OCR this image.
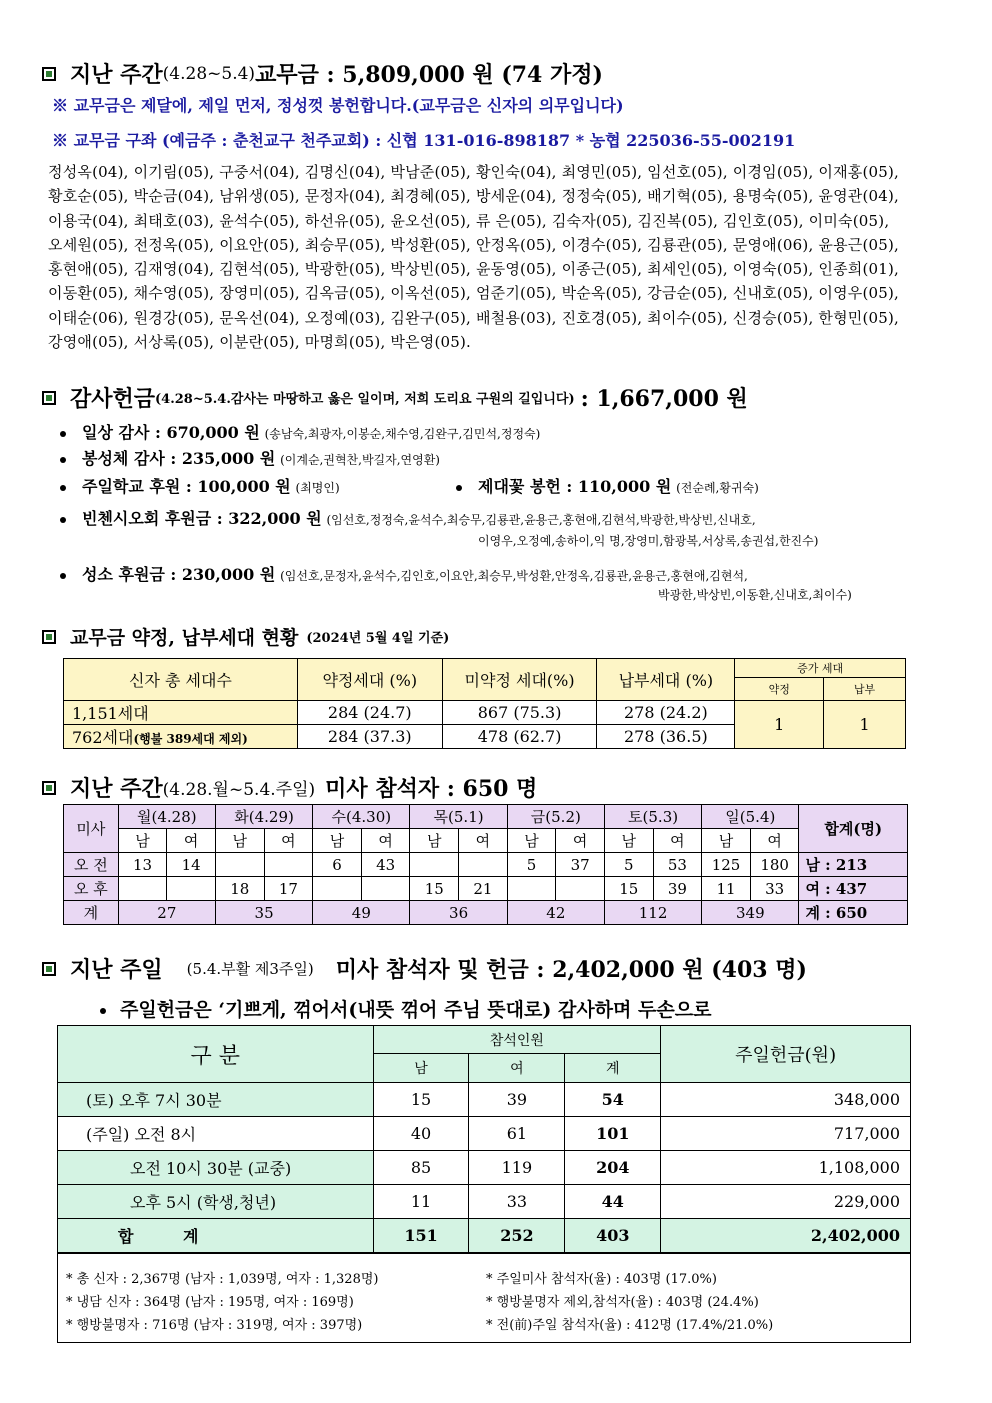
지난 주간 (4.28~5.4) 교무금 : 5,809,000 원 (74 가정)
※ 교무금은 제달에, 제일 먼저, 정성껏 봉헌합니다.(교무금은 신자의 의무입니다)
※ 교무금 구좌 (예금주 : 춘천교구 천주교회) : 신협 131-016-898187 * 농협 225036-55-002191
정성옥(04), 이기림(05), 구중서(04), 김명신(04), 박남준(05), 황인숙(04), 최영민(05), 임선호(05), 이경임(05), 이재홍(05),
황호순(05), 박순금(04), 남위생(05), 문정자(04), 최경혜(05), 방세운(04), 정정숙(05), 배기혁(05), 용명숙(05), 윤영관(04),
이용국(04), 최태호(03), 윤석수(05), 하선유(05), 윤오선(05), 류 은(05), 김숙자(05), 김진복(05), 김인호(05), 이미숙(05),
오세원(05), 전정옥(05), 이요안(05), 최승무(05), 박성환(05), 안정옥(05), 이경수(05), 김룡관(05), 문영애(06), 윤용근(05),
홍현애(05), 김재영(04), 김현석(05), 박광한(05), 박상빈(05), 윤동영(05), 이종근(05), 최세인(05), 이영숙(05), 인종희(01),
이동환(05), 채수영(05), 장영미(05), 김옥금(05), 이옥선(05), 엄준기(05), 박순옥(05), 강금순(05), 신내호(05), 이영우(05),
이태순(06), 원경강(05), 문옥선(04), 오정예(03), 김완구(05), 배철용(03), 진호경(05), 최이수(05), 신경승(05), 한형민(05),
강영애(05), 서상록(05), 이분란(05), 마명희(05), 박은영(05).
감사헌금 (4.28~5.4.감사는 마땅하고 옳은 일이며, 저희 도리요 구원의 길입니다) : 1,667,000 원
일상 감사 : 670,000 원 (송남숙,최광자,이봉순,채수영,김완구,김민석,정정숙)
봉성체 감사 : 235,000 원 (이계순,권혁찬,박길자,연영환)
주일학교 후원 : 100,000 원 (최명인)	제대꽃 봉헌 : 110,000 원 (전순례,황귀숙)
빈첸시오회 후원금 : 322,000 원 (임선호,정정숙,윤석수,최승무,김룡관,윤용근,홍현애,김현석,박광한,박상빈,신내호,
이영우,오정예,송하이,익 명,장영미,함광복,서상록,송권섭,한진수)
성소 후원금 : 230,000 원 (임선호,문정자,윤석수,김인호,이요안,최승무,박성환,안정옥,김룡관,윤용근,홍현애,김현석,
박광한,박상빈,이동환,신내호,최이수)
교무금 약정, 납부세대 현황 (2024년 5월 4일 기준)
신자 총 세대수	약정세대 (%)	미약정 세대(%)	납부세대 (%)	증가 세대	
				약정	납부
1,151세대	284 (24.7)	867 (75.3)	278 (24.2)	1	1
762세대(행불 389세대 제외)	284 (37.3)	478 (62.7)	278 (36.5)		
지난 주간 (4.28.월~5.4.주일) 미사 참석자 : 650 명
미사	월(4.28)		화(4.29)		수(4.30)		목(5.1)		금(5.2)		토(5.3)		일(5.4)		합계(명)
	남	여	남	여	남	여	남	여	남	여	남	여	남	여	
오 전	13	14			6	43			5	37	5	53	125	180	남 : 213
오 후			18	17			15	21			15	39	11	33	여 : 437
계	27		35		49		36		42		112		349		계 : 650
지난 주일 (5.4.부활 제3주일) 미사 참석자 및 헌금 : 2,402,000 원 (403 명)
주일헌금은 ‘기쁘게, 꺾어서(내뜻 꺾어 주님 뜻대로) 감사하며 두손으로
구 분	참석인원			주일헌금(원)
	남	여	계	
(토) 오후 7시 30분	15	39	54	348,000
(주일) 오전 8시	40	61	101	717,000
오전 10시 30분 (교중)	85	119	204	1,108,000
오후 5시 (학생,청년)	11	33	44	229,000
합 계	151	252	403	2,402,000
* 총 신자 : 2,367명 (남자 : 1,039명, 여자 : 1,328명)
* 냉담 신자 : 364명 (남자 : 195명, 여자 : 169명)
* 행방불명자 : 716명 (남자 : 319명, 여자 : 397명)
* 주일미사 참석자(율) : 403명 (17.0%)
* 행방불명자 제외,참석자(율) : 403명 (24.4%)
* 전(前)주일 참석자(율) : 412명 (17.4%/21.0%)
